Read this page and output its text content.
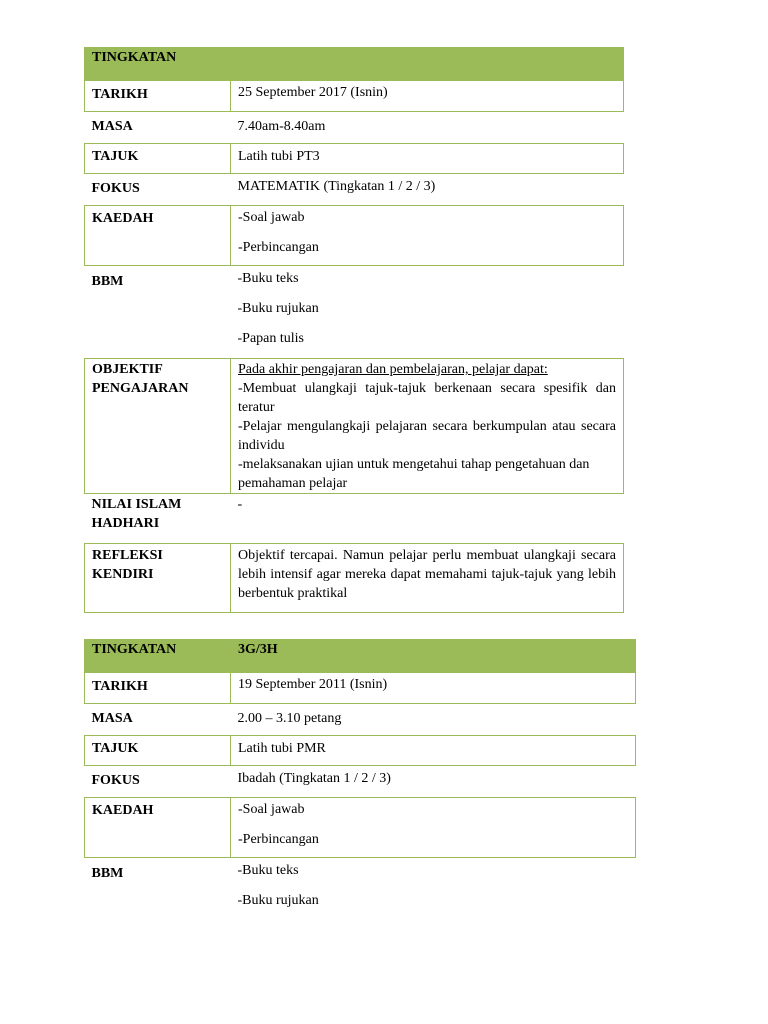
TINGKATAN	
TARIKH	25 September 2017 (Isnin)
MASA	7.40am-8.40am
TAJUK	Latih tubi PT3
FOKUS	MATEMATIK (Tingkatan 1 / 2 / 3)
KAEDAH	-Soal jawab
-Perbincangan

BBM	-Buku teks
-Buku rujukan
-Papan tulis

OBJEKTIF
PENGAJARAN	Pada akhir pengajaran dan pembelajaran, pelajar dapat:
-Membuat ulangkaji tajuk-tajuk berkenaan secara spesifik dan teratur
-Pelajar mengulangkaji pelajaran secara berkumpulan atau secara individu
-melaksanakan ujian untuk mengetahui tahap pengetahuan dan pemahaman pelajar

NILAI ISLAM
HADHARI	-

REFLEKSI
KENDIRI	Objektif tercapai. Namun pelajar perlu membuat ulangkaji secara lebih intensif agar mereka dapat memahami tajuk-tajuk yang lebih berbentuk praktikal
TINGKATAN	3G/3H
TARIKH	19 September 2011 (Isnin)
MASA	2.00 – 3.10 petang
TAJUK	Latih tubi PMR
FOKUS	Ibadah (Tingkatan 1 / 2 / 3)
KAEDAH	-Soal jawab
-Perbincangan

BBM	-Buku teks
-Buku rujukan
